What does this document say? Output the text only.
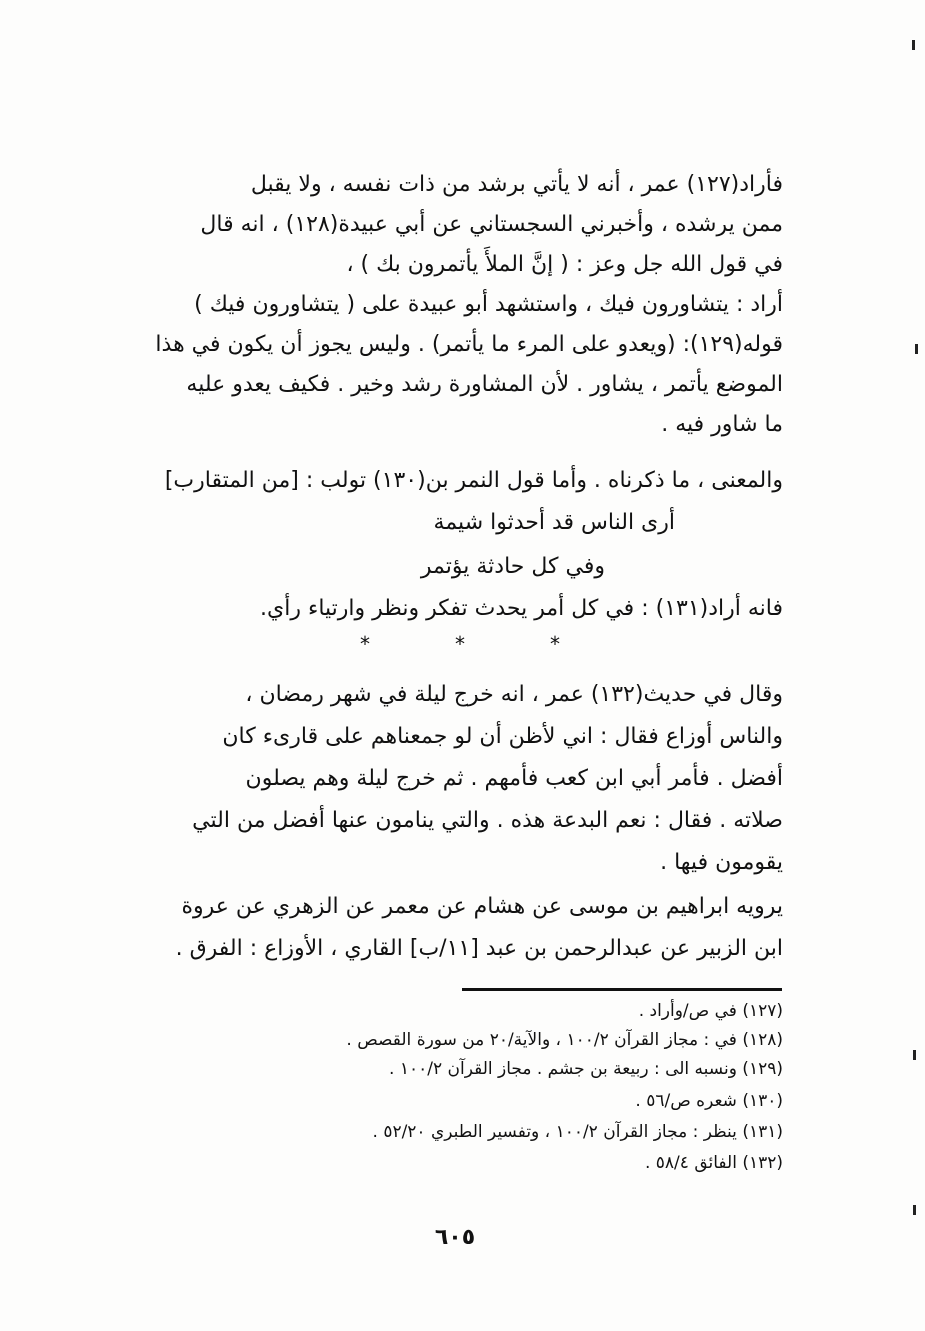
فأراد(١٢٧) عمر ، أنه لا يأتي برشد من ذات نفسه ، ولا يقبل
ممن يرشده ، وأخبرني السجستاني عن أبي عبيدة(١٢٨) ، انه قال
في قول الله جل وعز : ( إنَّ الملأَ يأتمرون بك ) ،
أراد : يتشاورون فيك ، واستشهد أبو عبيدة على ( يتشاورون فيك )
قوله(١٢٩): (ويعدو على المرء ما يأتمر) . وليس يجوز أن يكون في هذا
الموضع يأتمر ، يشاور . لأن المشاورة رشد وخير . فكيف يعدو عليه
ما شاور فيه .
والمعنى ، ما ذكرناه . وأما قول النمر بن(١٣٠) تولب : [من المتقارب]
أرى الناس قد أحدثوا شيمة
وفي كل حادثة يؤتمر
فانه أراد(١٣١) : في كل أمر يحدث تفكر ونظر وارتياء رأي.
*	*	*
وقال في حديث(١٣٢) عمر ، انه خرج ليلة في شهر رمضان ،
والناس أوزاع فقال : اني لأظن أن لو جمعناهم على قارىء كان
أفضل . فأمر أبي ابن كعب فأمهم . ثم خرج ليلة وهم يصلون
صلاته . فقال : نعم البدعة هذه . والتي ينامون عنها أفضل من التي
يقومون فيها .
يرويه ابراهيم بن موسى عن هشام عن معمر عن الزهري عن عروة
ابن الزبير عن عبدالرحمن بن عبد [١١/ب] القاري ، الأوزاع : الفرق .
(١٢٧) في ص/وأراد .
(١٢٨) في : مجاز القرآن ١٠٠/٢ ، والآية/٢٠ من سورة القصص .
(١٢٩) ونسبه الى : ربيعة بن جشم . مجاز القرآن ١٠٠/٢ .
(١٣٠) شعره ص/٥٦ .
(١٣١) ينظر : مجاز القرآن ١٠٠/٢ ، وتفسير الطبري ٥٢/٢٠ .
(١٣٢) الفائق ٥٨/٤ .
٦٠٥
